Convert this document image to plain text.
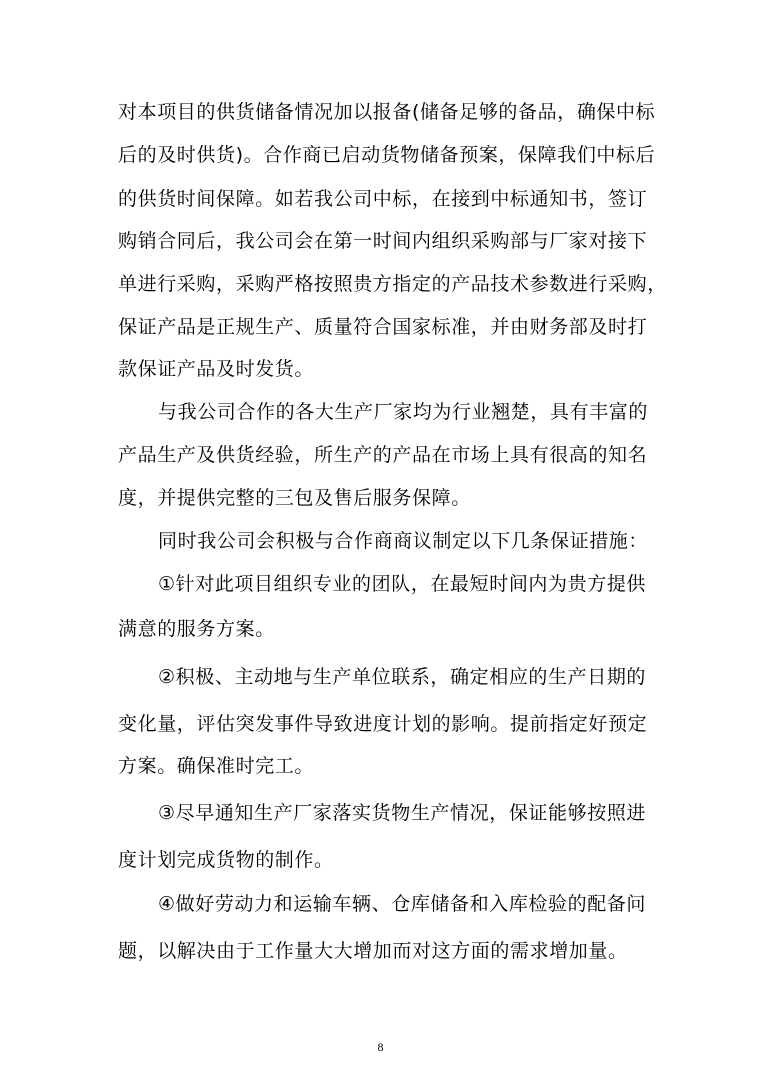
对本项目的供货储备情况加以报备(储备足够的备品，确保中标
后的及时供货)。合作商已启动货物储备预案，保障我们中标后
的供货时间保障。如若我公司中标，在接到中标通知书，签订
购销合同后，我公司会在第一时间内组织采购部与厂家对接下
单进行采购，采购严格按照贵方指定的产品技术参数进行采购，
保证产品是正规生产、质量符合国家标准，并由财务部及时打
款保证产品及时发货。
与我公司合作的各大生产厂家均为行业翘楚，具有丰富的
产品生产及供货经验，所生产的产品在市场上具有很高的知名
度，并提供完整的三包及售后服务保障。
同时我公司会积极与合作商商议制定以下几条保证措施：
①针对此项目组织专业的团队，在最短时间内为贵方提供
满意的服务方案。
②积极、主动地与生产单位联系，确定相应的生产日期的
变化量，评估突发事件导致进度计划的影响。提前指定好预定
方案。确保准时完工。
③尽早通知生产厂家落实货物生产情况，保证能够按照进
度计划完成货物的制作。
④做好劳动力和运输车辆、仓库储备和入库检验的配备问
题，以解决由于工作量大大增加而对这方面的需求增加量。
8
